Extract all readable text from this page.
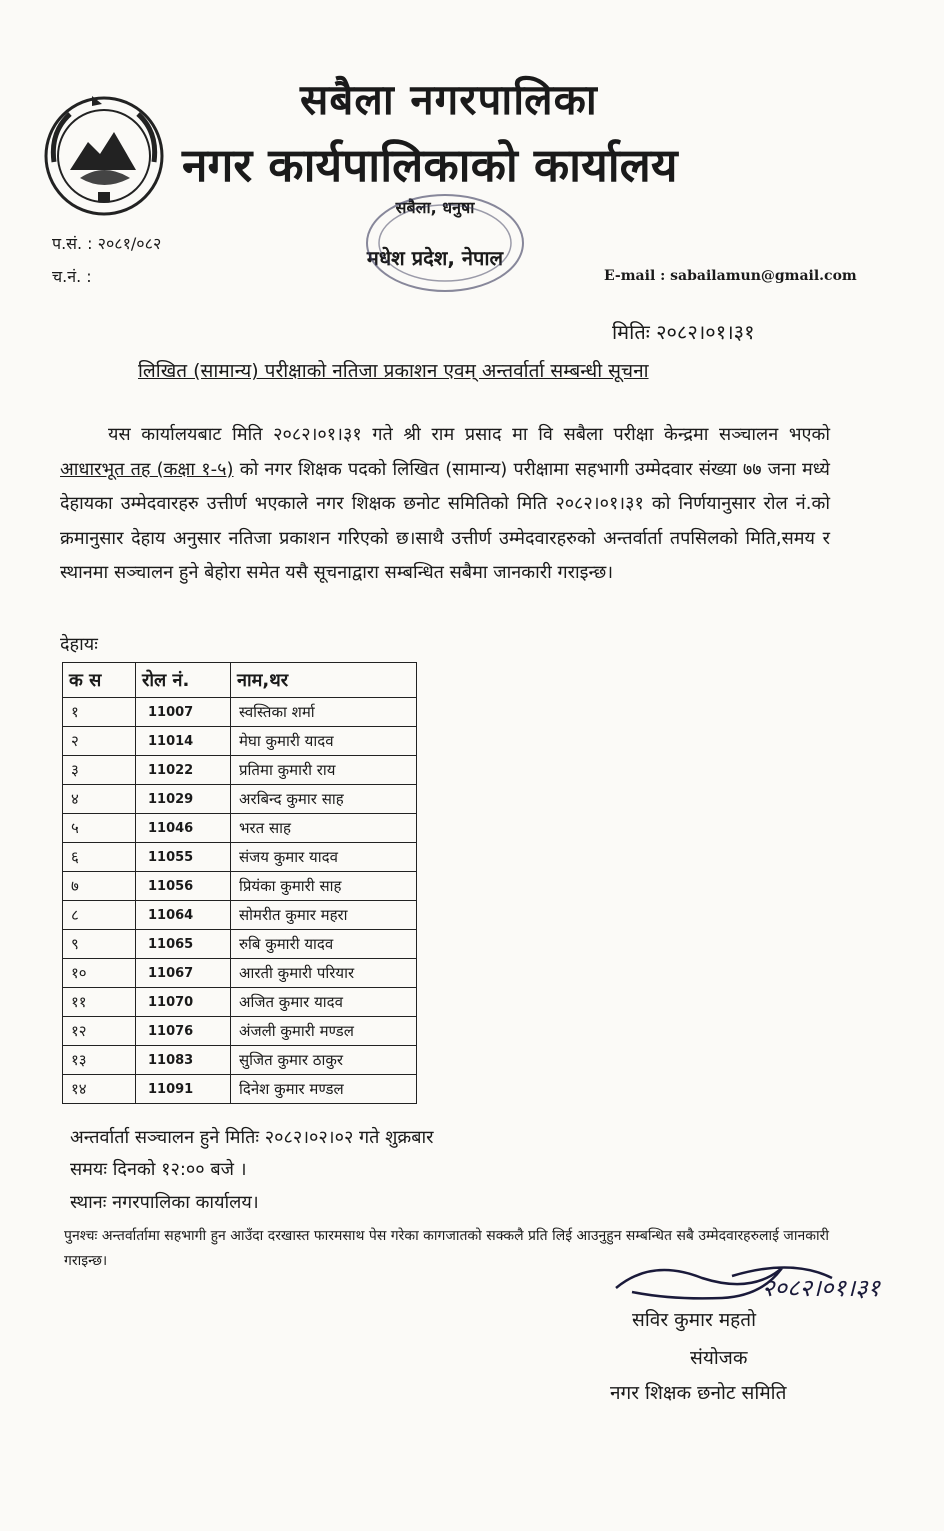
सबैला नगरपालिका
नगर कार्यपालिकाको कार्यालय
प.सं. : २०८१/०८२
च.नं. :
सबैला, धनुषा
मधेश प्रदेश, नेपाल
E-mail : sabailamun@gmail.com
मितिः २०८२।०१।३१
लिखित (सामान्य) परीक्षाको नतिजा प्रकाशन एवम् अन्तर्वार्ता सम्बन्धी सूचना
यस कार्यालयबाट मिति २०८२।०१।३१ गते श्री राम प्रसाद मा वि सबैला परीक्षा केन्द्रमा सञ्चालन भएको आधारभूत तह (कक्षा १-५) को नगर शिक्षक पदको लिखित (सामान्य) परीक्षामा सहभागी उम्मेदवार संख्या ७७ जना मध्ये देहायका उम्मेदवारहरु उत्तीर्ण भएकाले नगर शिक्षक छनोट समितिको मिति २०८२।०१।३१ को निर्णयानुसार रोल नं.को क्रमानुसार देहाय अनुसार नतिजा प्रकाशन गरिएको छ।साथै उत्तीर्ण उम्मेदवारहरुको अन्तर्वार्ता तपसिलको मिति,समय र स्थानमा सञ्चालन हुने बेहोरा समेत यसै सूचनाद्वारा सम्बन्धित सबैमा जानकारी गराइन्छ।
देहायः
क स	रोल नं.	नाम,थर
१	11007	स्वस्तिका शर्मा
२	11014	मेघा कुमारी यादव
३	11022	प्रतिमा कुमारी राय
४	11029	अरबिन्द कुमार साह
५	11046	भरत साह
६	11055	संजय कुमार यादव
७	11056	प्रियंका कुमारी साह
८	11064	सोमरीत कुमार महरा
९	11065	रुबि कुमारी यादव
१०	11067	आरती कुमारी परियार
११	11070	अजित कुमार यादव
१२	11076	अंजली कुमारी मण्डल
१३	11083	सुजित कुमार ठाकुर
१४	11091	दिनेश कुमार मण्डल
अन्तर्वार्ता सञ्चालन हुने मितिः २०८२।०२।०२ गते शुक्रबार
समयः दिनको १२:०० बजे ।
स्थानः नगरपालिका कार्यालय।
पुनश्चः अन्तर्वार्तामा सहभागी हुन आउँदा दरखास्त फारमसाथ पेस गरेका कागजातको सक्कलै प्रति लिई आउनुहुन सम्बन्धित सबै उम्मेदवारहरुलाई जानकारी गराइन्छ।
२०८२।०१।३१
सविर कुमार महतो
संयोजक
नगर शिक्षक छनोट समिति
